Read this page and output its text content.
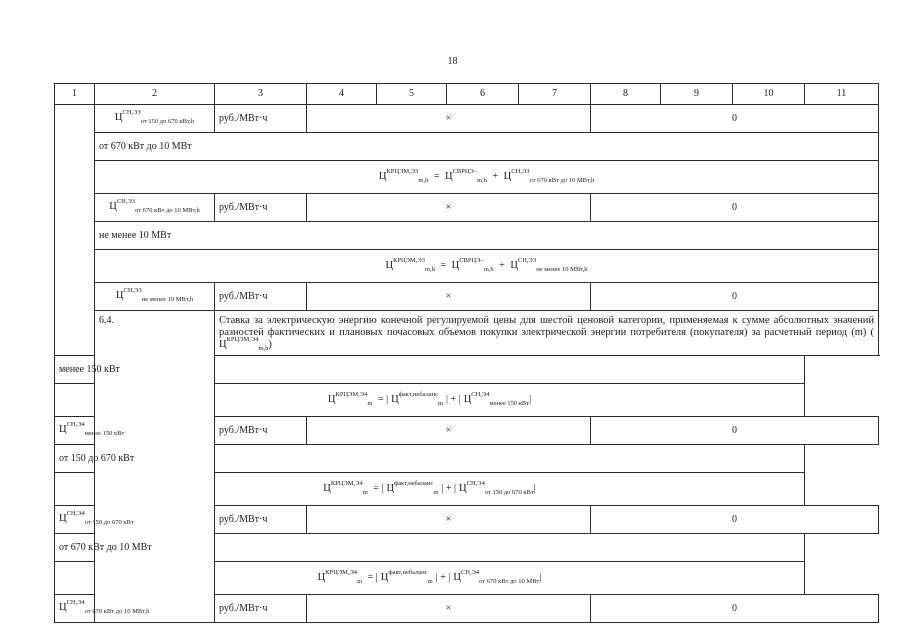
18
1	2	3	4	5	6	7	8	9	10	11
	$Ц^{СН,ЭЗ}_{от 150 до 670 кВт,h}$	руб./МВт·ч	×				0			
	от 670 кВт до 10 МВт									
	$Ц^{КРЦЭМ,ЭЗ}_{m,h} = Ц^{СВРЦЭ-}_{m,h} + Ц^{СН,ЭЗ}_{от 670 кВт до 10 МВт,h}$
	$Ц^{СН,ЭЗ}_{от 670 кВт до 10 МВт,h}$	руб./МВт·ч	×				0			
	не менее 10 МВт									
	$Ц^{КРЦЭМ,ЭЗ}_{m,h} = Ц^{СВРЦЭ-}_{m,h} + Ц^{СН,ЭЗ}_{не менее 10 МВт,h}$
	$Ц^{СН,ЭЗ}_{не менее 10 МВт,h}$	руб./МВт·ч	×				0			
	6.4.	Ставка за электрическую энергию конечной регулируемой цены для шестой ценовой категории, применяемая к сумме абсолютных значений разностей фактических и плановых почасовых объемов покупки электрической энергии потребителя (покупателя) за расчетный период (m) $(Ц^{КРЦЭМ,Э4}_{m,h})$								
менее 150 кВт										
$Ц^{КРЦЭМ,Э4}_m$ = | $Ц^{факт,небаланс}_m$ | + | $Ц^{СН,Э4}_{менее 150 кВт}|$										
$Ц^{СН,Э4}_{менее 150 кВт}$		руб./МВт·ч	×				0			
от 150 до 670 кВт										
$Ц^{КРЦЭМ,Э4}_m$ = | $Ц^{факт,небаланс}_m$ | + | $Ц^{СН,Э4}_{от 150 до 670 кВт}|$										
$Ц^{СН,Э4}_{от 150 до 670 кВт}$		руб./МВт·ч	×				0			
от 670 кВт до 10 МВт										
$Ц^{КРЦЭМ,Э4}_m$ = | $Ц^{факт,небаланс}_m$ | + | $Ц^{СН,Э4}_{от 670 кВт до 10 МВт}|$										
$Ц^{СН,Э4}_{от 670 кВт до 10 МВт,h}$		руб./МВт·ч	×				0			
